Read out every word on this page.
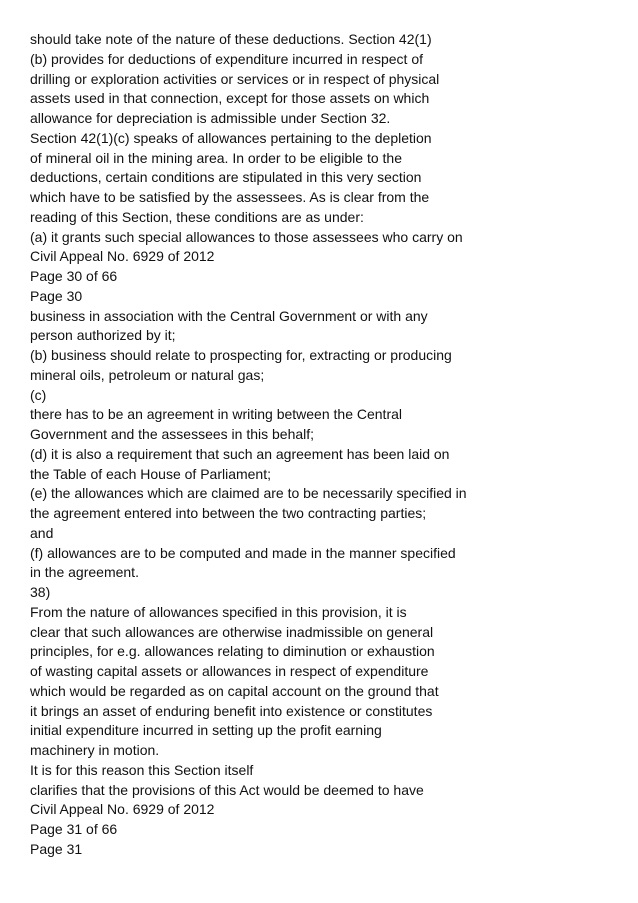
should take note of the nature of these deductions. Section 42(1)
(b) provides for deductions of expenditure incurred in respect of
drilling or exploration activities or services or in respect of physical
assets used in that connection, except for those assets on which
allowance for depreciation is admissible under Section 32.
Section 42(1)(c) speaks of allowances pertaining to the depletion
of mineral oil in the mining area. In order to be eligible to the
deductions, certain conditions are stipulated in this very section
which have to be satisfied by the assessees. As is clear from the
reading of this Section, these conditions are as under:
(a) it grants such special allowances to those assessees who carry on
Civil Appeal No. 6929 of 2012
Page 30 of 66
Page 30
business in association with the Central Government or with any
person authorized by it;
(b) business should relate to prospecting for, extracting or producing
mineral oils, petroleum or natural gas;
(c)
there has to be an agreement in writing between the Central
Government and the assessees in this behalf;
(d) it is also a requirement that such an agreement has been laid on
the Table of each House of Parliament;
(e) the allowances which are claimed are to be necessarily specified in
the agreement entered into between the two contracting parties;
and
(f) allowances are to be computed and made in the manner specified
in the agreement.
38)
From the nature of allowances specified in this provision, it is
clear that such allowances are otherwise inadmissible on general
principles, for e.g. allowances relating to diminution or exhaustion
of wasting capital assets or allowances in respect of expenditure
which would be regarded as on capital account on the ground that
it brings an asset of enduring benefit into existence or constitutes
initial expenditure incurred in setting up the profit earning
machinery in motion.
It is for this reason this Section itself
clarifies that the provisions of this Act would be deemed to have
Civil Appeal No. 6929 of 2012
Page 31 of 66
Page 31
